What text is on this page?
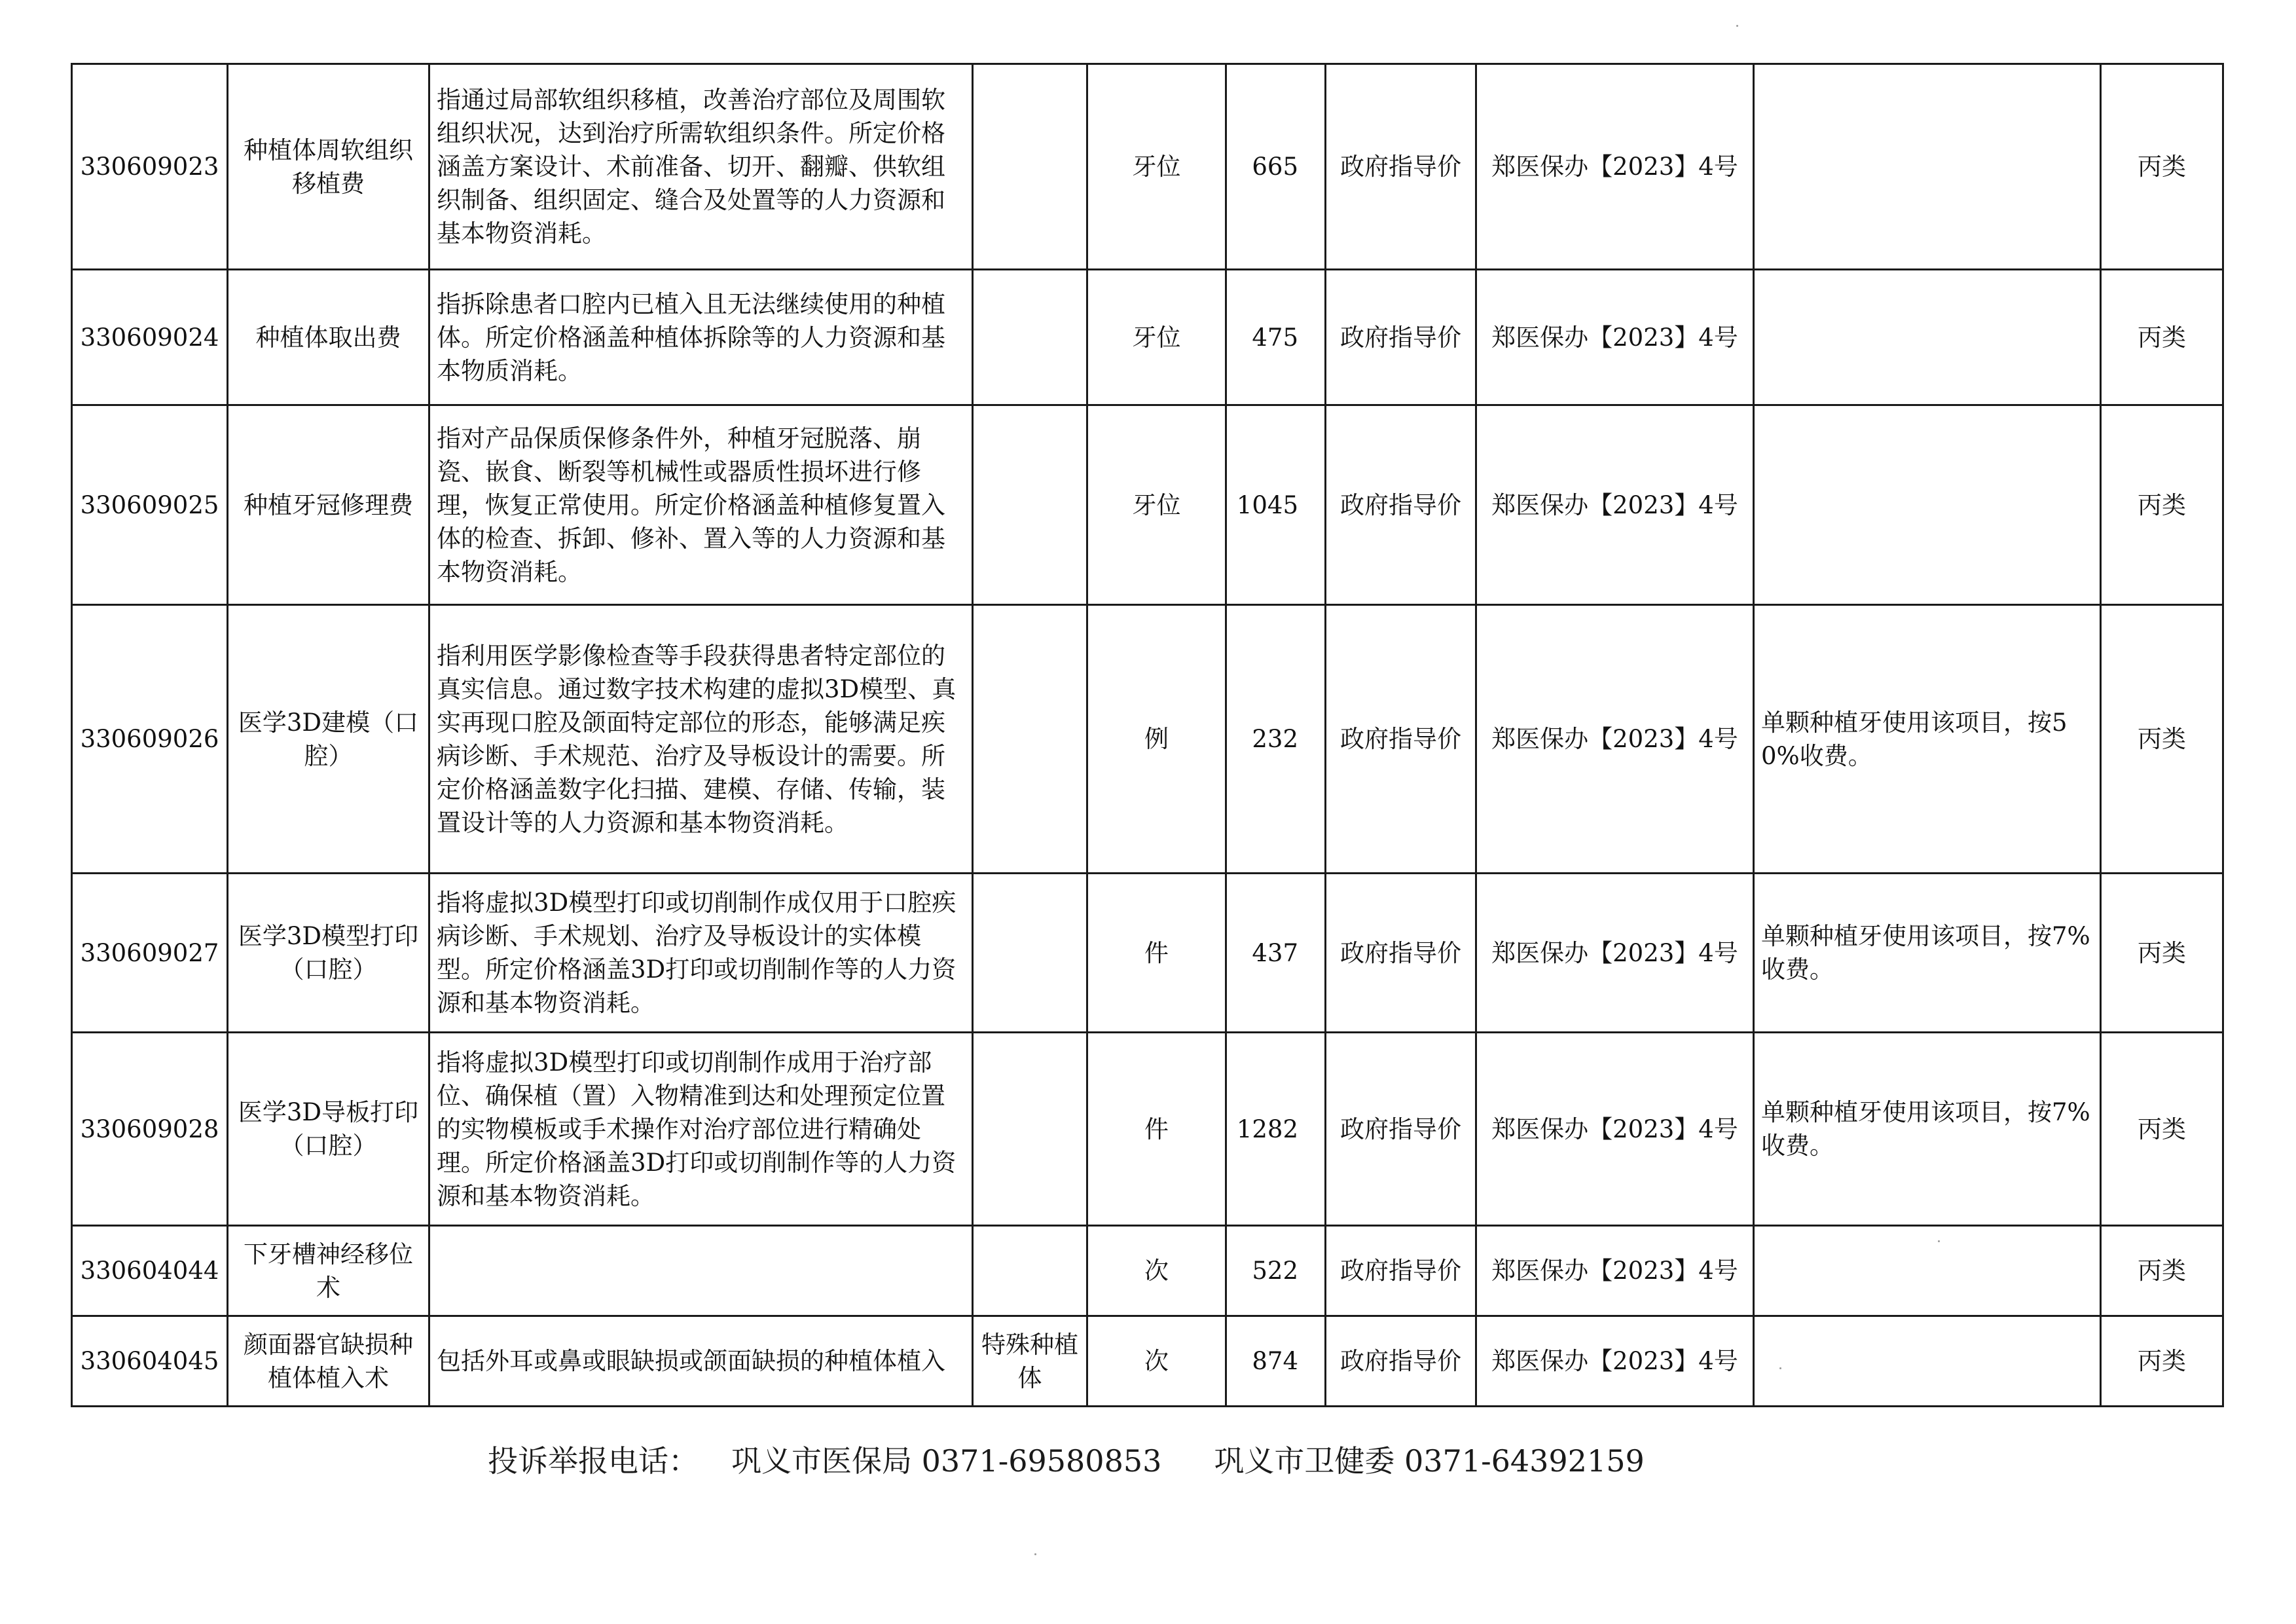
330609023	种植体周软组织移植费	指通过局部软组织移植，改善治疗部位及周围软组织状况，达到治疗所需软组织条件。所定价格涵盖方案设计、术前准备、切开、翻瓣、供软组织制备、组织固定、缝合及处置等的人力资源和基本物资消耗。		牙位	665	政府指导价	郑医保办【2023】4号		丙类
330609024	种植体取出费	指拆除患者口腔内已植入且无法继续使用的种植体。所定价格涵盖种植体拆除等的人力资源和基本物质消耗。		牙位	475	政府指导价	郑医保办【2023】4号		丙类
330609025	种植牙冠修理费	指对产品保质保修条件外，种植牙冠脱落、崩瓷、嵌食、断裂等机械性或器质性损坏进行修理，恢复正常使用。所定价格涵盖种植修复置入体的检查、拆卸、修补、置入等的人力资源和基本物资消耗。		牙位	1045	政府指导价	郑医保办【2023】4号		丙类
330609026	医学3D建模（口腔）	指利用医学影像检查等手段获得患者特定部位的真实信息。通过数字技术构建的虚拟3D模型、真实再现口腔及颌面特定部位的形态，能够满足疾病诊断、手术规范、治疗及导板设计的需要。所定价格涵盖数字化扫描、建模、存储、传输，装置设计等的人力资源和基本物资消耗。		例	232	政府指导价	郑医保办【2023】4号	单颗种植牙使用该项目，按50%收费。	丙类
330609027	医学3D模型打印（口腔）	指将虚拟3D模型打印或切削制作成仅用于口腔疾病诊断、手术规划、治疗及导板设计的实体模型。所定价格涵盖3D打印或切削制作等的人力资源和基本物资消耗。		件	437	政府指导价	郑医保办【2023】4号	单颗种植牙使用该项目，按7%收费。	丙类
330609028	医学3D导板打印（口腔）	指将虚拟3D模型打印或切削制作成用于治疗部位、确保植（置）入物精准到达和处理预定位置的实物模板或手术操作对治疗部位进行精确处理。所定价格涵盖3D打印或切削制作等的人力资源和基本物资消耗。		件	1282	政府指导价	郑医保办【2023】4号	单颗种植牙使用该项目，按7%收费。	丙类
330604044	下牙槽神经移位术			次	522	政府指导价	郑医保办【2023】4号		丙类
330604045	颜面器官缺损种植体植入术	包括外耳或鼻或眼缺损或颌面缺损的种植体植入	特殊种植体	次	874	政府指导价	郑医保办【2023】4号		丙类
投诉举报电话： 巩义市医保局 0371-69580853 巩义市卫健委 0371-64392159
